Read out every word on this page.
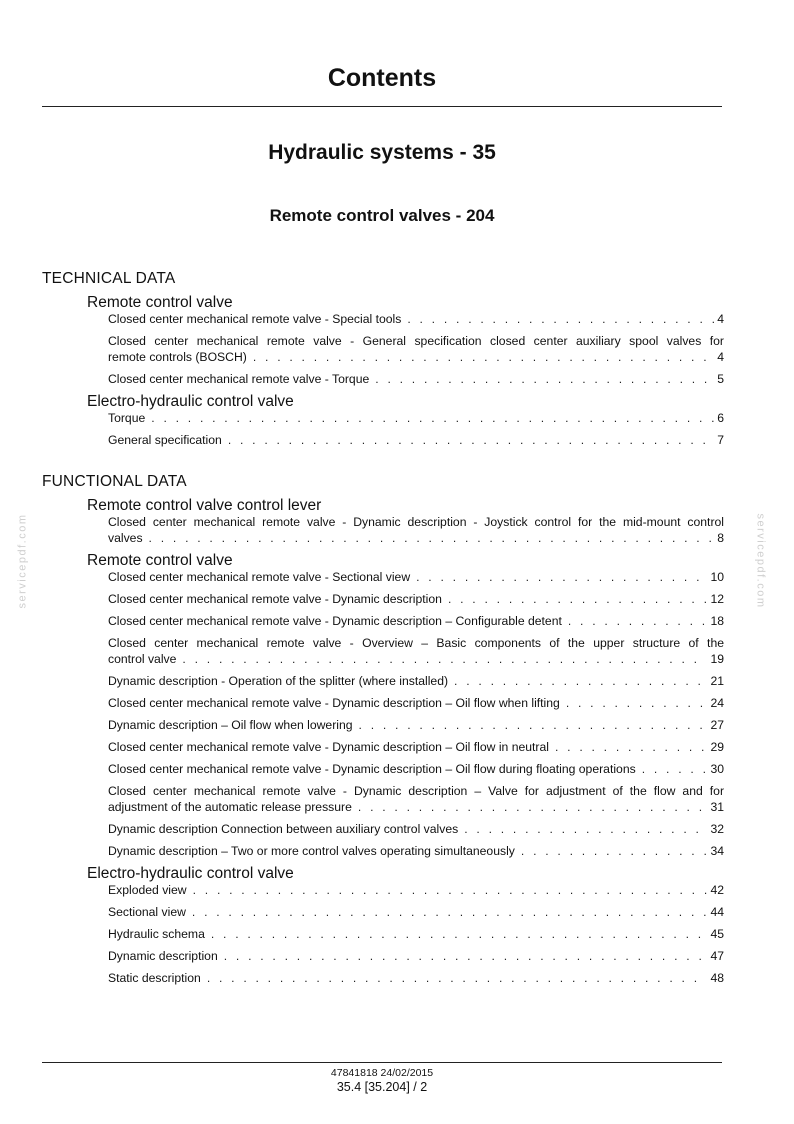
Contents
Hydraulic systems - 35
Remote control valves - 204
TECHNICAL DATA
Remote control valve
Closed center mechanical remote valve - Special tools . . .	4
Closed center mechanical remote valve - General specification closed center auxiliary spool valves for
remote controls (BOSCH) . . .	4
Closed center mechanical remote valve - Torque . . .	5
Electro-hydraulic control valve
Torque . . .	6
General specification . . .	7
FUNCTIONAL DATA
Remote control valve control lever
Closed center mechanical remote valve - Dynamic description - Joystick control for the mid-mount control
valves . . .	8
Remote control valve
Closed center mechanical remote valve - Sectional view . . .	10
Closed center mechanical remote valve - Dynamic description . . .	12
Closed center mechanical remote valve - Dynamic description – Configurable detent . . .	18
Closed center mechanical remote valve - Overview – Basic components of the upper structure of the
control valve . . .	19
Dynamic description - Operation of the splitter (where installed) . . .	21
Closed center mechanical remote valve - Dynamic description – Oil flow when lifting . . .	24
Dynamic description – Oil flow when lowering . . .	27
Closed center mechanical remote valve - Dynamic description – Oil flow in neutral . . .	29
Closed center mechanical remote valve - Dynamic description – Oil flow during floating operations . . .	30
Closed center mechanical remote valve - Dynamic description – Valve for adjustment of the flow and for
adjustment of the automatic release pressure . . .	31
Dynamic description Connection between auxiliary control valves . . .	32
Dynamic description – Two or more control valves operating simultaneously . . .	34
Electro-hydraulic control valve
Exploded view . . .	42
Sectional view . . .	44
Hydraulic schema . . .	45
Dynamic description . . .	47
Static description . . .	48
47841818 24/02/2015
35.4 [35.204] / 2
servicepdf.com	servicepdf.com
